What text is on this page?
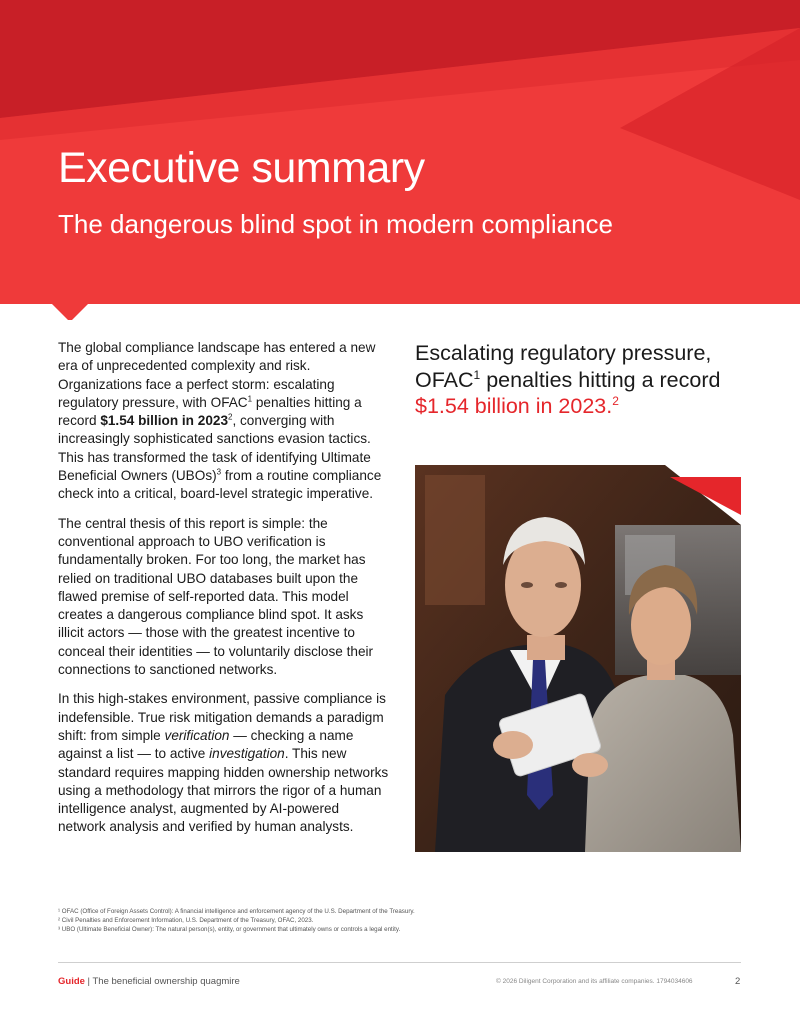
Executive summary
The dangerous blind spot in modern compliance

The global compliance landscape has entered a new era of unprecedented complexity and risk. Organizations face a perfect storm: escalating regulatory pressure, with OFAC$^1$ penalties hitting a record $1.54 billion in 2023$^2$, converging with increasingly sophisticated sanctions evasion tactics. This has transformed the task of identifying Ultimate Beneficial Owners (UBOs)$^3$ from a routine compliance check into a critical, board-level strategic imperative.

The central thesis of this report is simple: the conventional approach to UBO verification is fundamentally broken. For too long, the market has relied on traditional UBO databases built upon the flawed premise of self-reported data. This model creates a dangerous compliance blind spot. It asks illicit actors — those with the greatest incentive to conceal their identities — to voluntarily disclose their connections to sanctioned networks.

In this high-stakes environment, passive compliance is indefensible. True risk mitigation demands a paradigm shift: from simple verification — checking a name against a list — to active investigation. This new standard requires mapping hidden ownership networks using a methodology that mirrors the rigor of a human intelligence analyst, augmented by AI-powered network analysis and verified by human analysts.

Escalating regulatory pressure,
OFAC$^1$ penalties hitting a record
$1.54 billion in 2023.$^2$
¹ OFAC (Office of Foreign Assets Control): A financial intelligence and enforcement agency of the U.S. Department of the Treasury.
² Civil Penalties and Enforcement Information, U.S. Department of the Treasury, OFAC, 2023.
³ UBO (Ultimate Beneficial Owner): The natural person(s), entity, or government that ultimately owns or controls a legal entity.
Guide | The beneficial ownership quagmire	© 2026 Diligent Corporation and its affiliate companies. 1794034606	2
